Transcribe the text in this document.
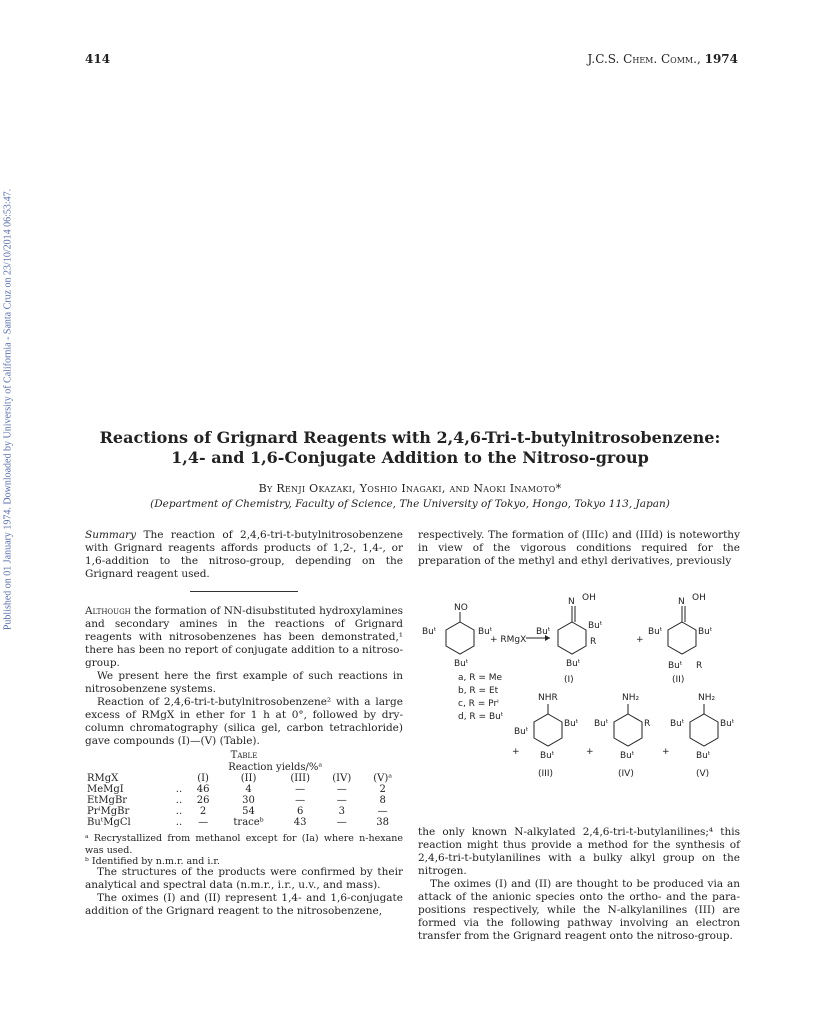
Published on 01 January 1974. Downloaded by University of California - Santa Cruz on 23/10/2014 06:53:47.
414	J.C.S. Chem. Comm., 1974
Reactions of Grignard Reagents with 2,4,6-Tri-t-butylnitrosobenzene:
1,4- and 1,6-Conjugate Addition to the Nitroso-group
By Renji Okazaki, Yoshio Inagaki, and Naoki Inamoto*
(Department of Chemistry, Faculty of Science, The University of Tokyo, Hongo, Tokyo 113, Japan)
Summary The reaction of 2,4,6-tri-t-butylnitrosobenzene with Grignard reagents affords products of 1,2-, 1,4-, or 1,6-addition to the nitroso-group, depending on the Grignard reagent used.

Although the formation of NN-disubstituted hydroxylamines and secondary amines in the reactions of Grignard reagents with nitrosobenzenes has been demonstrated,¹ there has been no report of conjugate addition to a nitroso-group.

We present here the first example of such reactions in nitrosobenzene systems.

Reaction of 2,4,6-tri-t-butylnitrosobenzene² with a large excess of RMgX in ether for 1 h at 0°, followed by dry-column chromatography (silica gel, carbon tetrachloride) gave compounds (I)—(V) (Table).

Table
		Reaction yields/%ᵃ				
RMgX		(I)	(II)	(III)	(IV)	(V)ᵃ
MeMgI	..	46	4	—	—	2
EtMgBr	..	26	30	—	—	8
PrⁱMgBr	..	2	54	6	3	—
BuᵗMgCl	..	—	traceᵇ	43	—	38

ᵃ Recrystallized from methanol except for (Ia) where n-hexane was used.

ᵇ Identified by n.m.r. and i.r.

The structures of the products were confirmed by their analytical and spectral data (n.m.r., i.r., u.v., and mass).

The oximes (I) and (II) represent 1,4- and 1,6-conjugate addition of the Grignard reagent to the nitrosobenzene,

respectively. The formation of (IIIc) and (IIId) is noteworthy in view of the vigorous conditions required for the preparation of the methyl and ethyl derivatives, previously
NO
Buᵗ	Buᵗ
Buᵗ
+ RMgX
N OH
Buᵗ
Buᵗ
R
Buᵗ
+
N OH
Buᵗ	Buᵗ
Buᵗ R
NHR	NH₂	NH₂
Buᵗ
Buᵗ
Buᵗ
Buᵗ	R
Buᵗ
Buᵗ	Buᵗ
Buᵗ
+	+	+
(I)	(II)
(III)	(IV)	(V)
a, R = Me
b, R = Et
c, R = Prⁱ
d, R = Buᵗ

the only known N-alkylated 2,4,6-tri-t-butylanilines;⁴ this reaction might thus provide a method for the synthesis of 2,4,6-tri-t-butylanilines with a bulky alkyl group on the nitrogen.

The oximes (I) and (II) are thought to be produced via an attack of the anionic species onto the ortho- and the para-positions respectively, while the N-alkylanilines (III) are formed via the following pathway involving an electron transfer from the Grignard reagent onto the nitroso-group.
